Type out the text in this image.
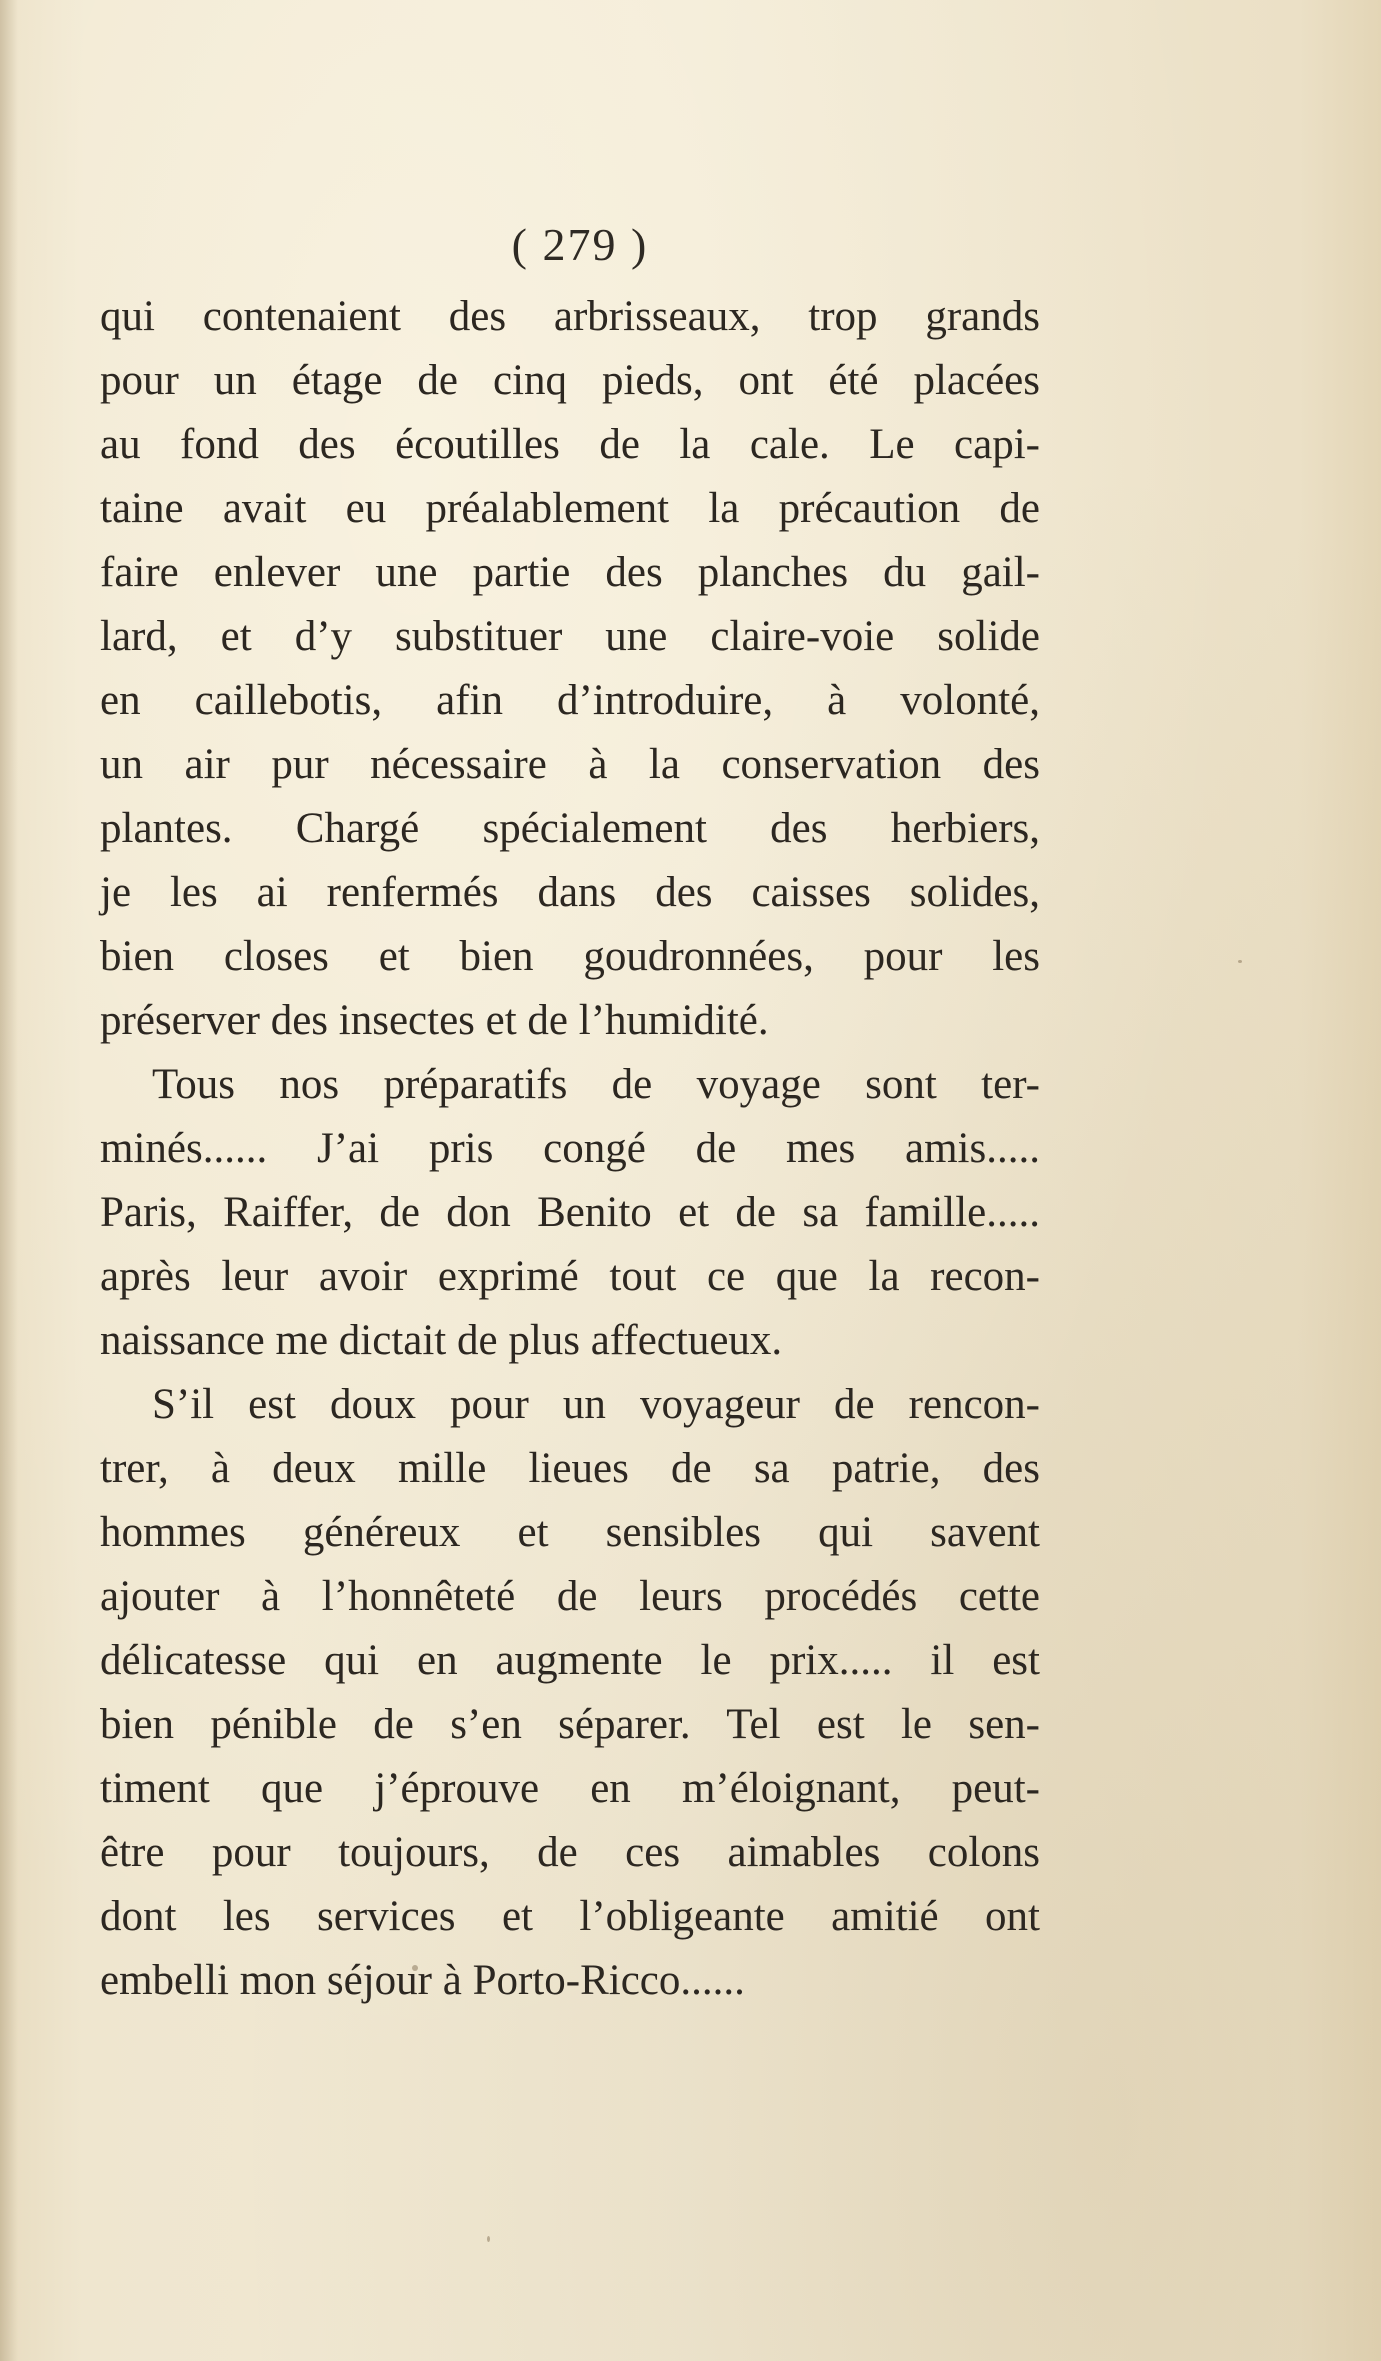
( 279 )
qui contenaient des arbrisseaux, trop grands
pour un étage de cinq pieds, ont été placées
au fond des écoutilles de la cale. Le capi-
taine avait eu préalablement la précaution de
faire enlever une partie des planches du gail-
lard, et d’y substituer une claire-voie solide
en caillebotis, afin d’introduire, à volonté,
un air pur nécessaire à la conservation des
plantes. Chargé spécialement des herbiers,
je les ai renfermés dans des caisses solides,
bien closes et bien goudronnées, pour les
préserver des insectes et de l’humidité.
Tous nos préparatifs de voyage sont ter-
minés...... J’ai pris congé de mes amis.....
Paris, Raiffer, de don Benito et de sa famille.....
après leur avoir exprimé tout ce que la recon-
naissance me dictait de plus affectueux.
S’il est doux pour un voyageur de rencon-
trer, à deux mille lieues de sa patrie, des
hommes généreux et sensibles qui savent
ajouter à l’honnêteté de leurs procédés cette
délicatesse qui en augmente le prix..... il est
bien pénible de s’en séparer. Tel est le sen-
timent que j’éprouve en m’éloignant, peut-
être pour toujours, de ces aimables colons
dont les services et l’obligeante amitié ont
embelli mon séjour à Porto-Ricco......
